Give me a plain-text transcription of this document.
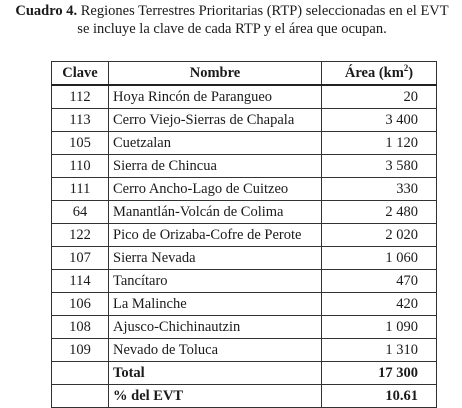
Cuadro 4. Regiones Terrestres Prioritarias (RTP) seleccionadas en el EVT
se incluye la clave de cada RTP y el área que ocupan.
Clave	Nombre	Área $(km^2)$
112	Hoya Rincón de Parangueo	20
113	Cerro Viejo-Sierras de Chapala	3 400
105	Cuetzalan	1 120
110	Sierra de Chincua	3 580
111	Cerro Ancho-Lago de Cuitzeo	330
64	Manantlán-Volcán de Colima	2 480
122	Pico de Orizaba-Cofre de Perote	2 020
107	Sierra Nevada	1 060
114	Tancítaro	470
106	La Malinche	420
108	Ajusco-Chichinautzin	1 090
109	Nevado de Toluca	1 310
	Total	17 300
	% del EVT	10.61
